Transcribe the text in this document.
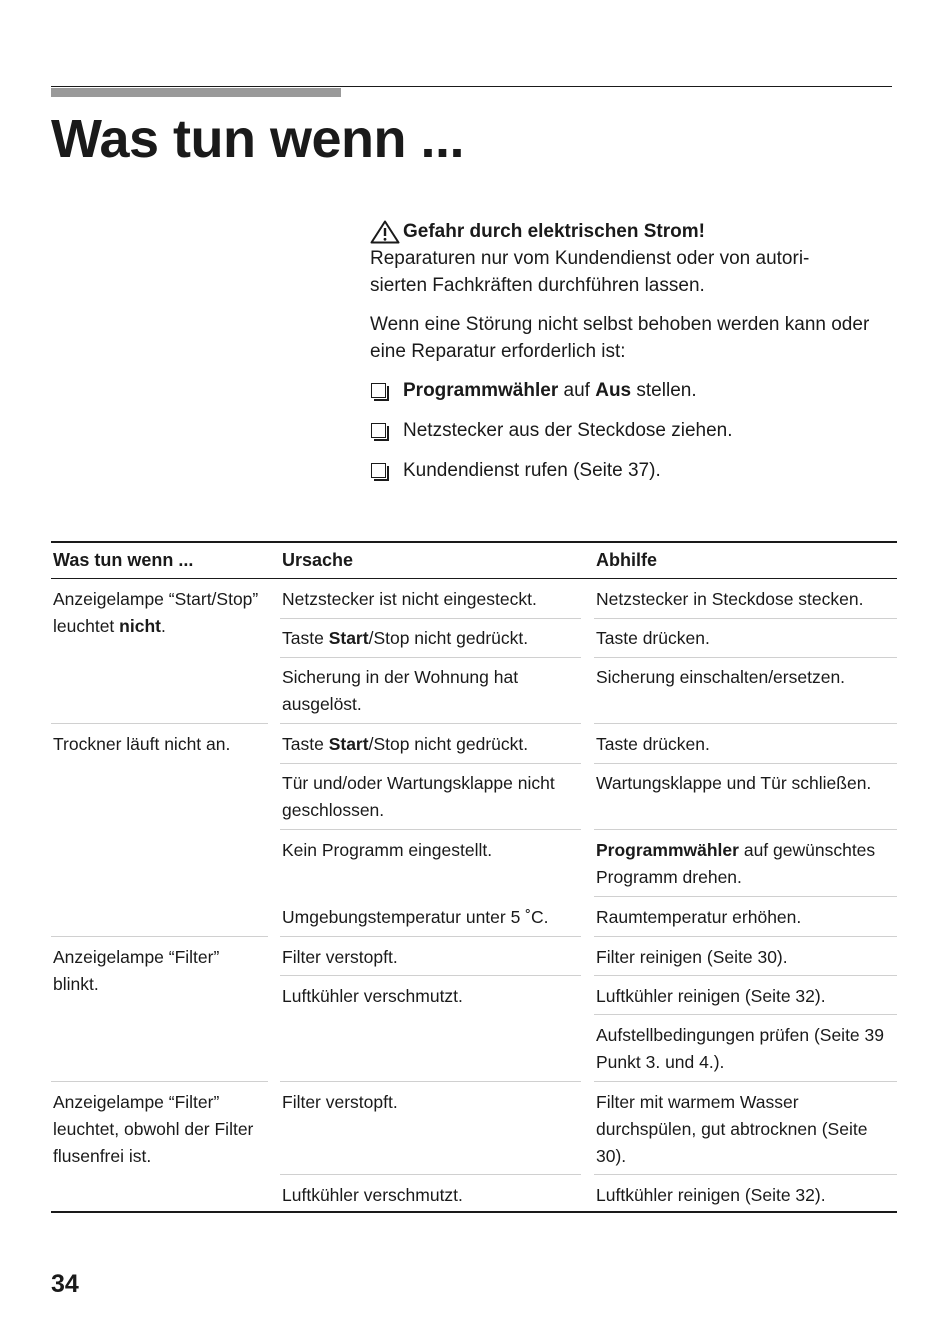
Was tun wenn ...

Gefahr durch elektrischen Strom!

Reparaturen nur vom Kundendienst oder von autori-
sierten Fachkräften durchführen lassen.

Wenn eine Störung nicht selbst behoben werden kann oder eine Reparatur erforderlich ist:

Programmwähler auf Aus stellen.
Netzstecker aus der Steckdose ziehen.
Kundendienst rufen (Seite 37).
Was tun wenn ...	Ursache	Abhilfe
Anzeigelampe “Start/Stop” leuchtet nicht.
Trockner läuft nicht an.
Anzeigelampe “Filter” blinkt.
Anzeigelampe “Filter” leuchtet, obwohl der Filter flusenfrei ist.
Netzstecker ist nicht eingesteckt.
Taste Start/Stop nicht gedrückt.
Sicherung in der Wohnung hat ausgelöst.
Taste Start/Stop nicht gedrückt.
Tür und/oder Wartungsklappe nicht geschlossen.
Kein Programm eingestellt.
Umgebungstemperatur unter 5 ˚C.
Filter verstopft.
Luftkühler verschmutzt.
Filter verstopft.
Luftkühler verschmutzt.
Netzstecker in Steckdose stecken.
Taste drücken.
Sicherung einschalten/ersetzen.
Taste drücken.
Wartungsklappe und Tür schließen.
Programmwähler auf gewünschtes Programm drehen.
Raumtemperatur erhöhen.
Filter reinigen (Seite 30).
Luftkühler reinigen (Seite 32).
Aufstellbedingungen prüfen (Seite 39 Punkt 3. und 4.).
Filter mit warmem Wasser durchspülen, gut abtrocknen (Seite 30).
Luftkühler reinigen (Seite 32).

34
